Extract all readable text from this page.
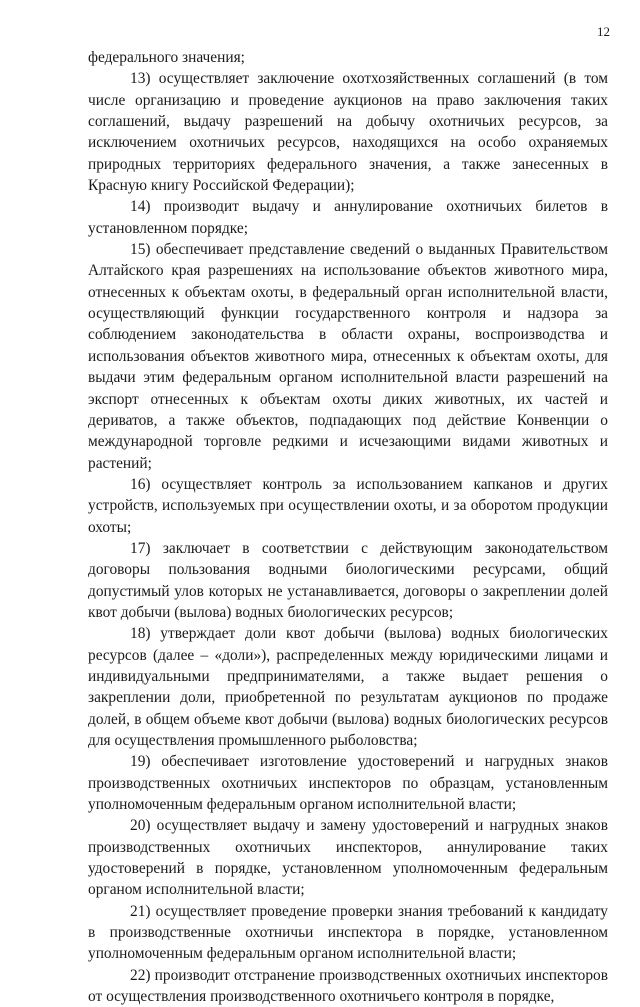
12

федерального значения;

13) осуществляет заключение охотхозяйственных соглашений (в том числе организацию и проведение аукционов на право заключения таких соглашений, выдачу разрешений на добычу охотничьих ресурсов, за исключением охотничьих ресурсов, находящихся на особо охраняемых природных территориях федерального значения, а также занесенных в Красную книгу Российской Федерации);

14) производит выдачу и аннулирование охотничьих билетов в установленном порядке;

15) обеспечивает представление сведений о выданных Правительством Алтайского края разрешениях на использование объектов животного мира, отнесенных к объектам охоты, в федеральный орган исполнительной власти, осуществляющий функции государственного контроля и надзора за соблюдением законодательства в области охраны, воспроизводства и использования объектов животного мира, отнесенных к объектам охоты, для выдачи этим федеральным органом исполнительной власти разрешений на экспорт отнесенных к объектам охоты диких животных, их частей и дериватов, а также объектов, подпадающих под действие Конвенции о международной торговле редкими и исчезающими видами животных и растений;

16) осуществляет контроль за использованием капканов и других устройств, используемых при осуществлении охоты, и за оборотом продукции охоты;

17) заключает в соответствии с действующим законодательством договоры пользования водными биологическими ресурсами, общий допустимый улов которых не устанавливается, договоры о закреплении долей квот добычи (вылова) водных биологических ресурсов;

18) утверждает доли квот добычи (вылова) водных биологических ресурсов (далее – «доли»), распределенных между юридическими лицами и индивидуальными предпринимателями, а также выдает решения о закреплении доли, приобретенной по результатам аукционов по продаже долей, в общем объеме квот добычи (вылова) водных биологических ресурсов для осуществления промышленного рыболовства;

19) обеспечивает изготовление удостоверений и нагрудных знаков производственных охотничьих инспекторов по образцам, установленным уполномоченным федеральным органом исполнительной власти;

20) осуществляет выдачу и замену удостоверений и нагрудных знаков производственных охотничьих инспекторов, аннулирование таких удостоверений в порядке, установленном уполномоченным федеральным органом исполнительной власти;

21) осуществляет проведение проверки знания требований к кандидату в производственные охотничьи инспектора в порядке, установленном уполномоченным федеральным органом исполнительной власти;

22) производит отстранение производственных охотничьих инспекторов от осуществления производственного охотничьего контроля в порядке,
